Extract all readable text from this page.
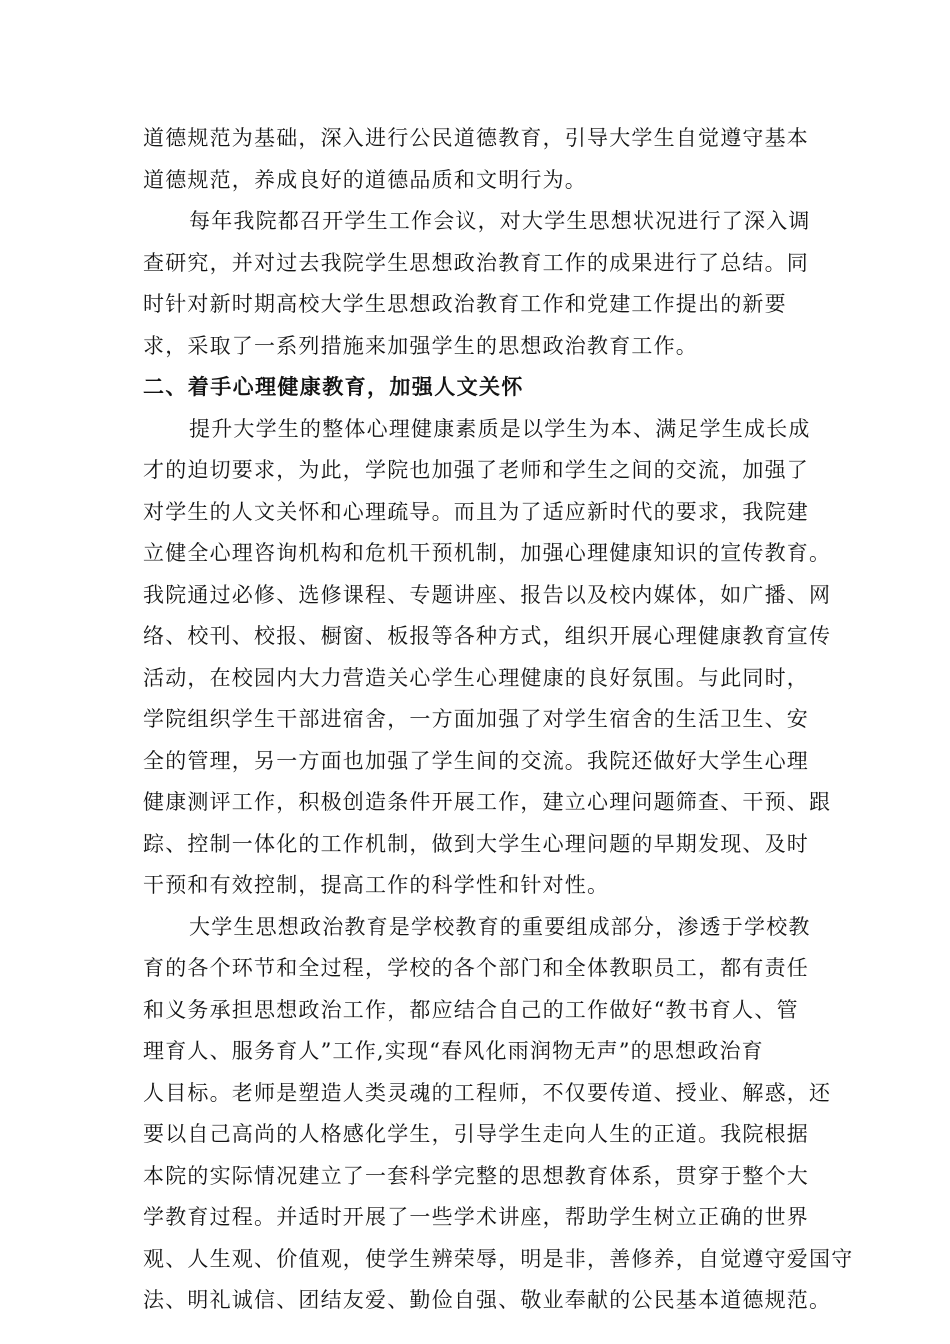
道德规范为基础，深入进行公民道德教育，引导大学生自觉遵守基本
道德规范，养成良好的道德品质和文明行为。
每年我院都召开学生工作会议，对大学生思想状况进行了深入调
查研究，并对过去我院学生思想政治教育工作的成果进行了总结。同
时针对新时期高校大学生思想政治教育工作和党建工作提出的新要
求，采取了一系列措施来加强学生的思想政治教育工作。
二、着手心理健康教育，加强人文关怀
提升大学生的整体心理健康素质是以学生为本、满足学生成长成
才的迫切要求，为此，学院也加强了老师和学生之间的交流，加强了
对学生的人文关怀和心理疏导。而且为了适应新时代的要求，我院建
立健全心理咨询机构和危机干预机制，加强心理健康知识的宣传教育。
我院通过必修、选修课程、专题讲座、报告以及校内媒体，如广播、网
络、校刊、校报、橱窗、板报等各种方式，组织开展心理健康教育宣传
活动，在校园内大力营造关心学生心理健康的良好氛围。与此同时，
学院组织学生干部进宿舍，一方面加强了对学生宿舍的生活卫生、安
全的管理，另一方面也加强了学生间的交流。我院还做好大学生心理
健康测评工作，积极创造条件开展工作，建立心理问题筛查、干预、跟
踪、控制一体化的工作机制，做到大学生心理问题的早期发现、及时
干预和有效控制，提高工作的科学性和针对性。
大学生思想政治教育是学校教育的重要组成部分，渗透于学校教
育的各个环节和全过程，学校的各个部门和全体教职员工，都有责任
和义务承担思想政治工作，都应结合自己的工作做好“教书育人、管
理育人、服务育人”工作,实现“春风化雨润物无声”的思想政治育
人目标。老师是塑造人类灵魂的工程师，不仅要传道、授业、解惑，还
要以自己高尚的人格感化学生，引导学生走向人生的正道。我院根据
本院的实际情况建立了一套科学完整的思想教育体系，贯穿于整个大
学教育过程。并适时开展了一些学术讲座，帮助学生树立正确的世界
观、人生观、价值观，使学生辨荣辱，明是非，善修养，自觉遵守爱国守
法、明礼诚信、团结友爱、勤俭自强、敬业奉献的公民基本道德规范。
